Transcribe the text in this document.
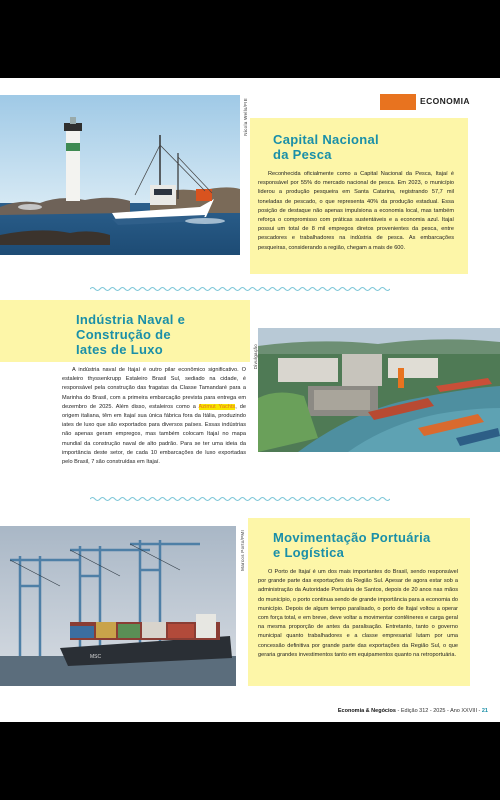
ECONOMIA
Nicola Wells/FIE
Capital Nacional
da Pesca

Reconhecida oficialmente como a Capital Nacional da Pesca, Itajaí é responsável por 55% do mercado nacional de pesca. Em 2023, o município liderou a produção pesqueira em Santa Catarina, registrando 57,7 mil toneladas de pescado, o que representa 40% da produção estadual. Essa posição de destaque não apenas impulsiona a economia local, mas também reforça o compromisso com práticas sustentáveis e a economia azul. Itajaí possui um total de 8 mil empregos diretos provenientes da pesca, entre pescadores e trabalhadores na indústria de pesca. As embarcações pesqueiras, considerando a região, chegam a mais de 600.

Indústria Naval e
Construção de
Iates de Luxo

A indústria naval de Itajaí é outro pilar econômico significativo. O estaleiro thyssenkrupp Estaleiro Brasil Sul, sediado na cidade, é responsável pela construção das fragatas da Classe Tamandaré para a Marinha do Brasil, com a primeira embarcação prevista para entrega em dezembro de 2025. Além disso, estaleiros como a Azimut Yachts, de origem italiana, têm em Itajaí sua única fábrica fora da Itália, produzindo iates de luxo que são exportados para diversos países. Essas indústrias não apenas geram empregos, mas também colocam Itajaí no mapa mundial da construção naval de alto padrão. Para se ter uma ideia da importância deste setor, de cada 10 embarcações de luxo exportadas pelo Brasil, 7 são construídas em Itajaí.

Divulgação
MSC
Marcos Porto/PMI Movimentação Portuária
e Logística

O Porto de Itajaí é um dos mais importantes do Brasil, sendo responsável por grande parte das exportações da Região Sul. Apesar de agora estar sob a administração da Autoridade Portuária de Santos, depois de 20 anos nas mãos do município, o porto continua sendo de grande importância para a economia do município. Depois de algum tempo paralisado, o porto de Itajaí voltou a operar com força total, e em breve, deve voltar a movimentar contêineres e carga geral na mesma proporção de antes da paralisação. Entretanto, tanto o governo municipal quanto trabalhadores e a classe empresarial lutam por uma concessão definitiva por grande parte das exportações da Região Sul, o que geraria grandes investimentos tanto em equipamentos quanto na retroportuária.

Economia & Negócios - Edição 312 - 2025 - Ano XXVIII - 21
